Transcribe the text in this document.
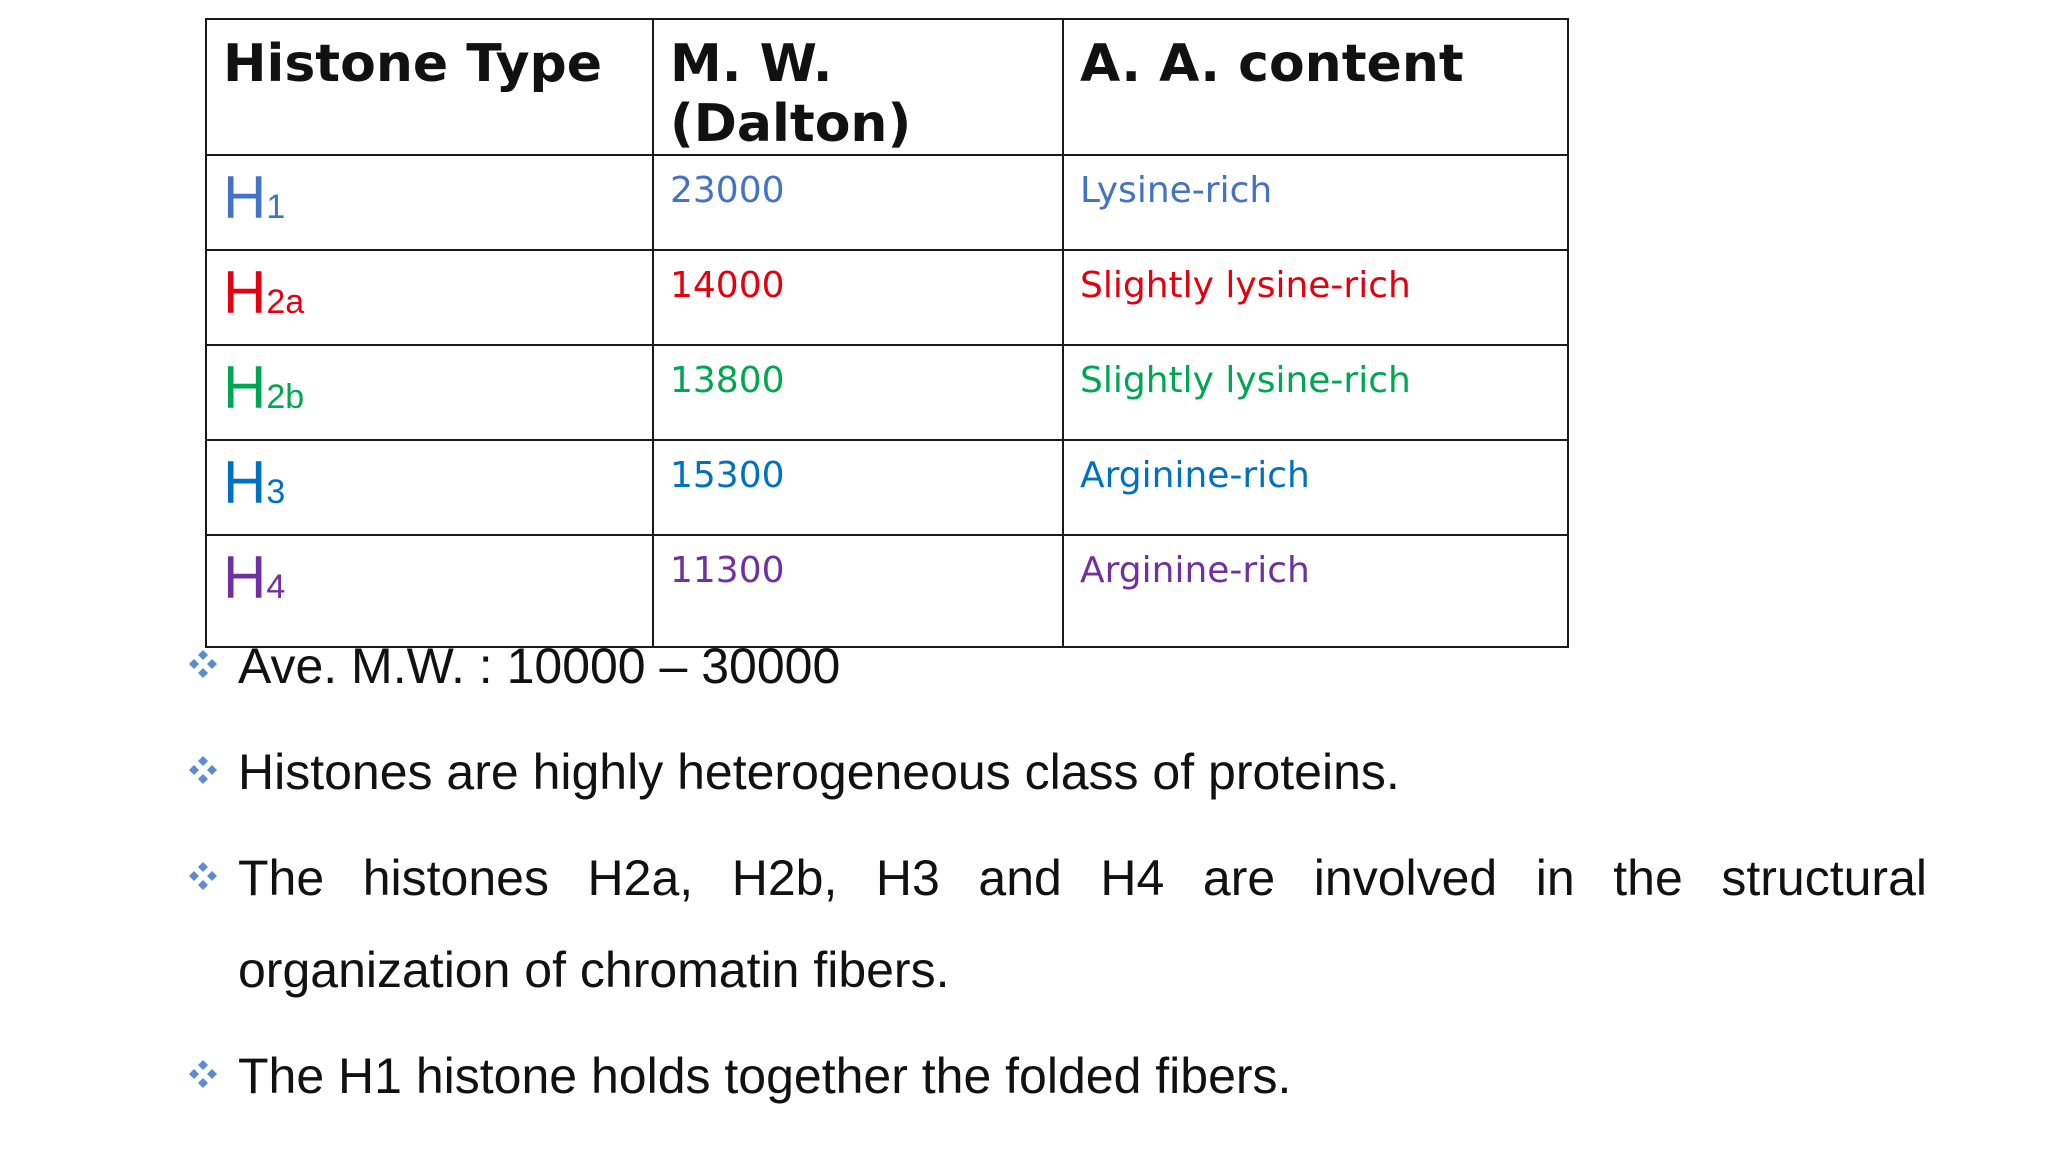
Histone Type	M. W. (Dalton)	A. A. content
H1	23000	Lysine-rich
H2a	14000	Slightly lysine-rich
H2b	13800	Slightly lysine-rich
H3	15300	Arginine-rich
H4	11300	Arginine-rich
Ave. M.W. : 10000 – 30000
Histones are highly heterogeneous class of proteins.
The histones H2a, H2b, H3 and H4 are involved in the structural organization of chromatin fibers.
The H1 histone holds together the folded fibers.
